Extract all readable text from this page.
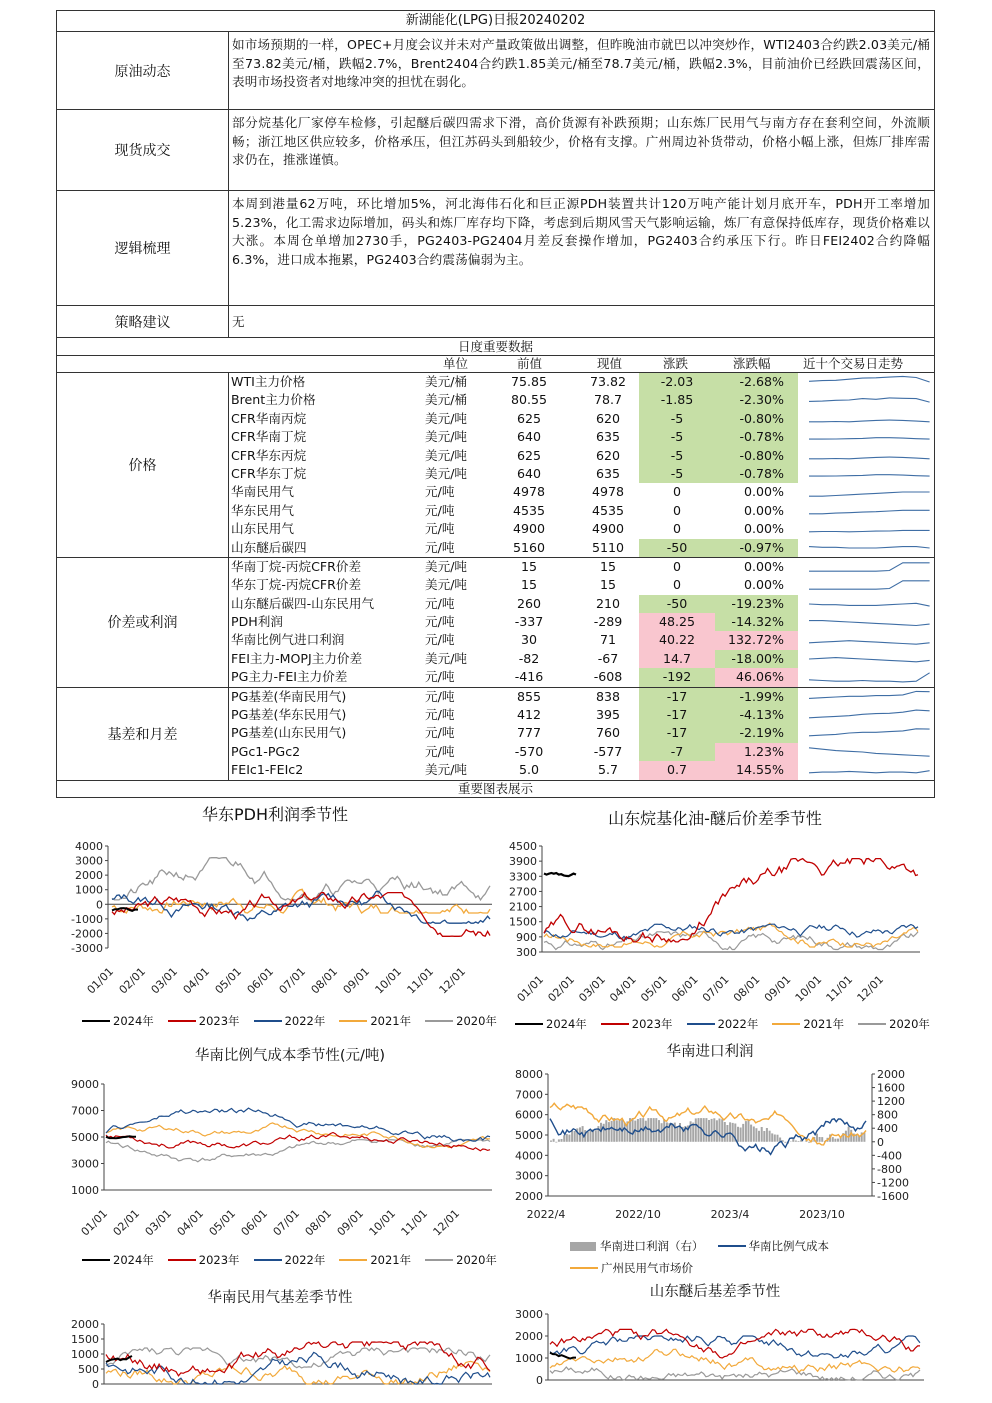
新湖能化(LPG)日报20240202
原油动态
如市场预期的一样，OPEC+月度会议并未对产量政策做出调整，但昨晚油市就巴以冲突炒作，WTI2403合约跌2.03美元/桶至73.82美元/桶，跌幅2.7%，Brent2404合约跌1.85美元/桶至78.7美元/桶，跌幅2.3%，目前油价已经跌回震荡区间，表明市场投资者对地缘冲突的担忧在弱化。
现货成交
部分烷基化厂家停车检修，引起醚后碳四需求下滑，高价货源有补跌预期；山东炼厂民用气与南方存在套利空间，外流顺畅；浙江地区供应较多，价格承压，但江苏码头到船较少，价格有支撑。广州周边补货带动，价格小幅上涨，但炼厂排库需求仍在，推涨谨慎。
逻辑梳理
本周到港量62万吨，环比增加5%，河北海伟石化和巨正源PDH装置共计120万吨产能计划月底开车，PDH开工率增加5.23%，化工需求边际增加，码头和炼厂库存均下降，考虑到后期风雪天气影响运输，炼厂有意保持低库存，现货价格难以大涨。本周仓单增加2730手，PG2403-PG2404月差反套操作增加，PG2403合约承压下行。昨日FEI2402合约降幅6.3%，进口成本拖累，PG2403合约震荡偏弱为主。
策略建议	无
日度重要数据
单位	前值	现值	涨跌	涨跌幅	近十个交易日走势
价格
WTI主力价格	美元/桶	75.85	73.82	-2.03	-2.68%
Brent主力价格	美元/桶	80.55	78.7	-1.85	-2.30%
CFR华南丙烷	美元/吨	625	620	-5	-0.80%
CFR华南丁烷	美元/吨	640	635	-5	-0.78%
CFR华东丙烷	美元/吨	625	620	-5	-0.80%
CFR华东丁烷	美元/吨	640	635	-5	-0.78%
华南民用气	元/吨	4978	4978	0	0.00%
华东民用气	元/吨	4535	4535	0	0.00%
山东民用气	元/吨	4900	4900	0	0.00%
山东醚后碳四	元/吨	5160	5110	-50	-0.97%
价差或利润
华南丁烷-丙烷CFR价差	美元/吨	15	15	0	0.00%
华东丁烷-丙烷CFR价差	美元/吨	15	15	0	0.00%
山东醚后碳四-山东民用气	元/吨	260	210	-50	-19.23%
PDH利润	元/吨	-337	-289	48.25	-14.32%
华南比例气进口利润	元/吨	30	71	40.22	132.72%
FEI主力-MOPJ主力价差	美元/吨	-82	-67	14.7	-18.00%
PG主力-FEI主力价差	元/吨	-416	-608	-192	46.06%
基差和月差
PG基差(华南民用气)	元/吨	855	838	-17	-1.99%
PG基差(华东民用气)	元/吨	412	395	-17	-4.13%
PG基差(山东民用气)	元/吨	777	760	-17	-2.19%
PGc1-PGc2	元/吨	-570	-577	-7	1.23%
FEIc1-FEIc2	美元/吨	5.0	5.7	0.7	14.55%
重要图表展示
华东PDH利润季节性
4000
3000
2000
1000
0
-1000
-2000
-3000
01/01 02/01 03/01 04/01 05/01 06/01 07/01 08/01 09/01 10/01 11/01 12/01
2024年	2023年	2022年	2021年	2020年
山东烷基化油-醚后价差季节性
4500
3900
3300
2700
2100
1500
900
300
01/01 02/01 03/01 04/01 05/01 06/01 07/01 08/01 09/01 10/01 11/01 12/01
2024年	2023年	2022年	2021年	2020年
华南比例气成本季节性(元/吨)
9000
7000
5000
3000
1000
01/01 02/01 03/01 04/01 05/01 06/01 07/01 08/01 09/01 10/01 11/01 12/01
2024年	2023年	2022年	2021年	2020年
华南进口利润
8000
7000
6000
5000
4000
3000
2000
2000
1600
1200
800
400
0
-400
-800
-1200
-1600
2022/4	2022/10	2023/4	2023/10
华南进口利润（右）	华南比例气成本
广州民用气市场价
华南民用气基差季节性
2000
1500
1000
500
0
山东醚后基差季节性
3000
2000
1000
0
